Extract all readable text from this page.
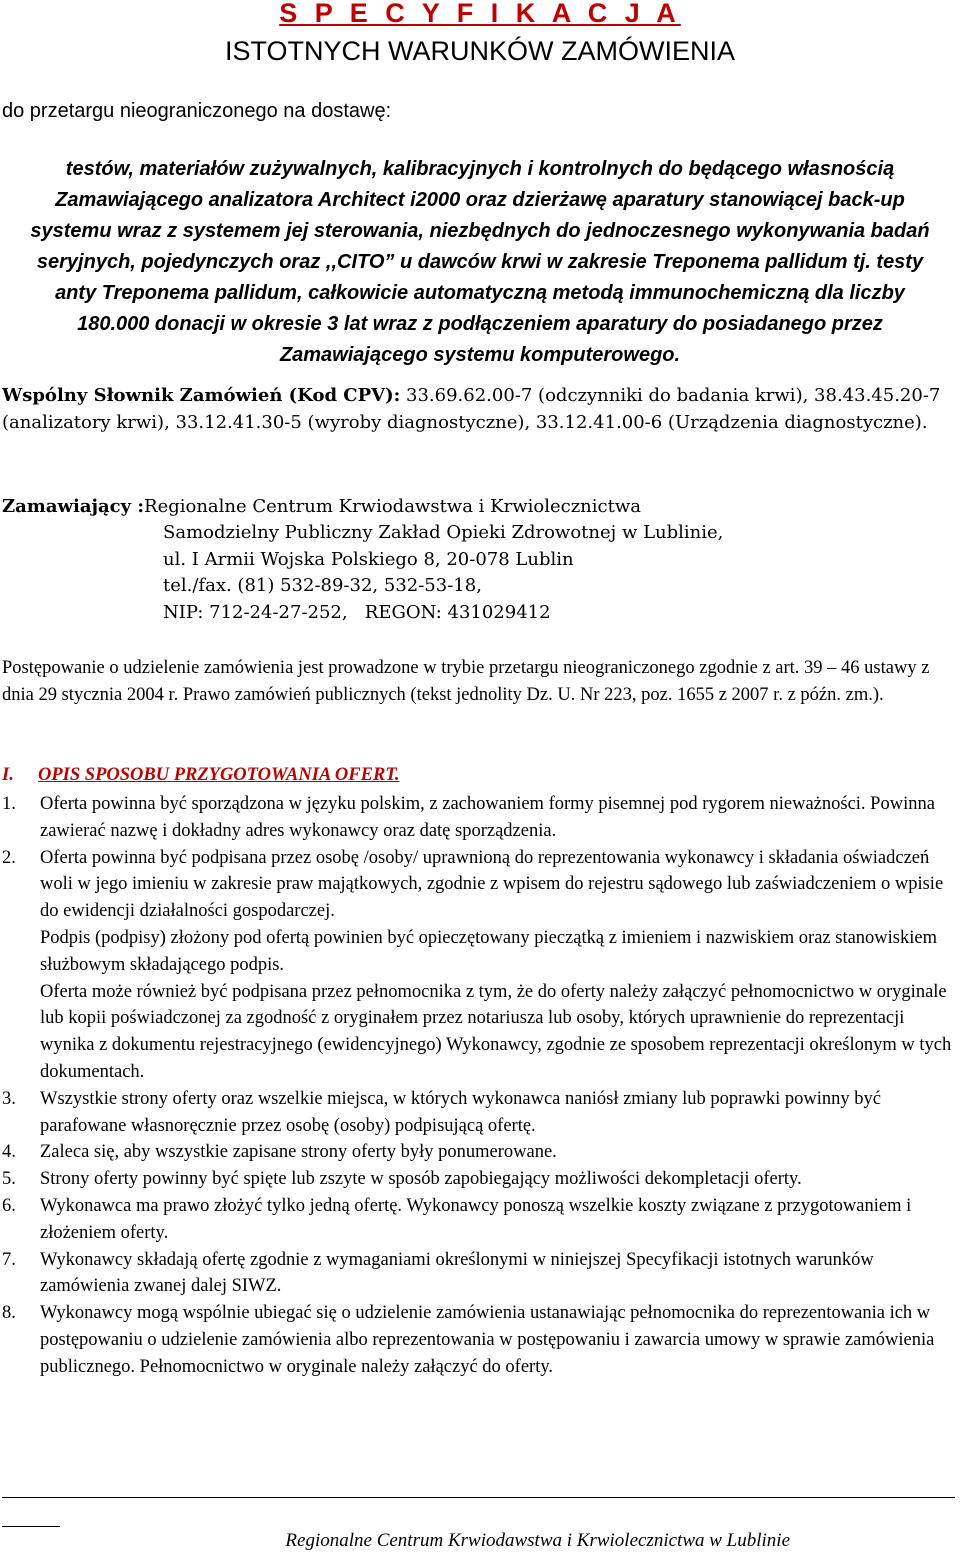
S P E C Y F I K A C J A
ISTOTNYCH WARUNKÓW ZAMÓWIENIA
do przetargu nieograniczonego na dostawę:
testów, materiałów zużywalnych, kalibracyjnych i kontrolnych do będącego własnością Zamawiającego analizatora Architect i2000 oraz dzierżawę aparatury stanowiącej back-up systemu wraz z systemem jej sterowania, niezbędnych do jednoczesnego wykonywania badań seryjnych, pojedynczych oraz ,,CITO” u dawców krwi w zakresie Treponema pallidum tj. testy anty Treponema pallidum, całkowicie automatyczną metodą immunochemiczną dla liczby 180.000 donacji w okresie 3 lat wraz z podłączeniem aparatury do posiadanego przez Zamawiającego systemu komputerowego.
Wspólny Słownik Zamówień (Kod CPV): 33.69.62.00-7 (odczynniki do badania krwi), 38.43.45.20-7 (analizatory krwi), 33.12.41.30-5 (wyroby diagnostyczne), 33.12.41.00-6 (Urządzenia diagnostyczne).
Zamawiający :Regionalne Centrum Krwiodawstwa i Krwiolecznictwa
Samodzielny Publiczny Zakład Opieki Zdrowotnej w Lublinie,
ul. I Armii Wojska Polskiego 8, 20-078 Lublin
tel./fax. (81) 532-89-32, 532-53-18,
NIP: 712-24-27-252,   REGON: 431029412
Postępowanie o udzielenie zamówienia jest prowadzone w trybie przetargu nieograniczonego zgodnie z art. 39 – 46 ustawy z dnia 29 stycznia 2004 r. Prawo zamówień publicznych (tekst jednolity Dz. U. Nr 223, poz. 1655 z 2007 r. z późn. zm.).
I. OPIS SPOSOBU PRZYGOTOWANIA OFERT.
1.	Oferta powinna być sporządzona w języku polskim, z zachowaniem formy pisemnej pod rygorem nieważności. Powinna zawierać nazwę i dokładny adres wykonawcy oraz datę sporządzenia.

2.	Oferta powinna być podpisana przez osobę /osoby/ uprawnioną do reprezentowania wykonawcy i składania oświadczeń woli w jego imieniu w zakresie praw majątkowych, zgodnie z wpisem do rejestru sądowego lub zaświadczeniem o wpisie do ewidencji działalności gospodarczej.

Podpis (podpisy) złożony pod ofertą powinien być opieczętowany pieczątką z imieniem i nazwiskiem oraz stanowiskiem służbowym składającego podpis.

Oferta może również być podpisana przez pełnomocnika z tym, że do oferty należy załączyć pełnomocnictwo w oryginale lub kopii poświadczonej za zgodność z oryginałem przez notariusza lub osoby, których uprawnienie do reprezentacji wynika z dokumentu rejestracyjnego (ewidencyjnego) Wykonawcy, zgodnie ze sposobem reprezentacji określonym w tych dokumentach.

3.	Wszystkie strony oferty oraz wszelkie miejsca, w których wykonawca naniósł zmiany lub poprawki powinny być parafowane własnoręcznie przez osobę (osoby) podpisującą ofertę.

4.	Zaleca się, aby wszystkie zapisane strony oferty były ponumerowane.

5.	Strony oferty powinny być spięte lub zszyte w sposób zapobiegający możliwości dekompletacji oferty.

6.	Wykonawca ma prawo złożyć tylko jedną ofertę. Wykonawcy ponoszą wszelkie koszty związane z przygotowaniem i złożeniem oferty.

7.	Wykonawcy składają ofertę zgodnie z wymaganiami określonymi w niniejszej Specyfikacji istotnych warunków zamówienia zwanej dalej SIWZ.

8.	Wykonawcy mogą wspólnie ubiegać się o udzielenie zamówienia ustanawiając pełnomocnika do reprezentowania ich w postępowaniu o udzielenie zamówienia albo reprezentowania w postępowaniu i zawarcia umowy w sprawie zamówienia publicznego. Pełnomocnictwo w oryginale należy załączyć do oferty.

Regionalne Centrum Krwiodawstwa i Krwiolecznictwa w Lublinie
